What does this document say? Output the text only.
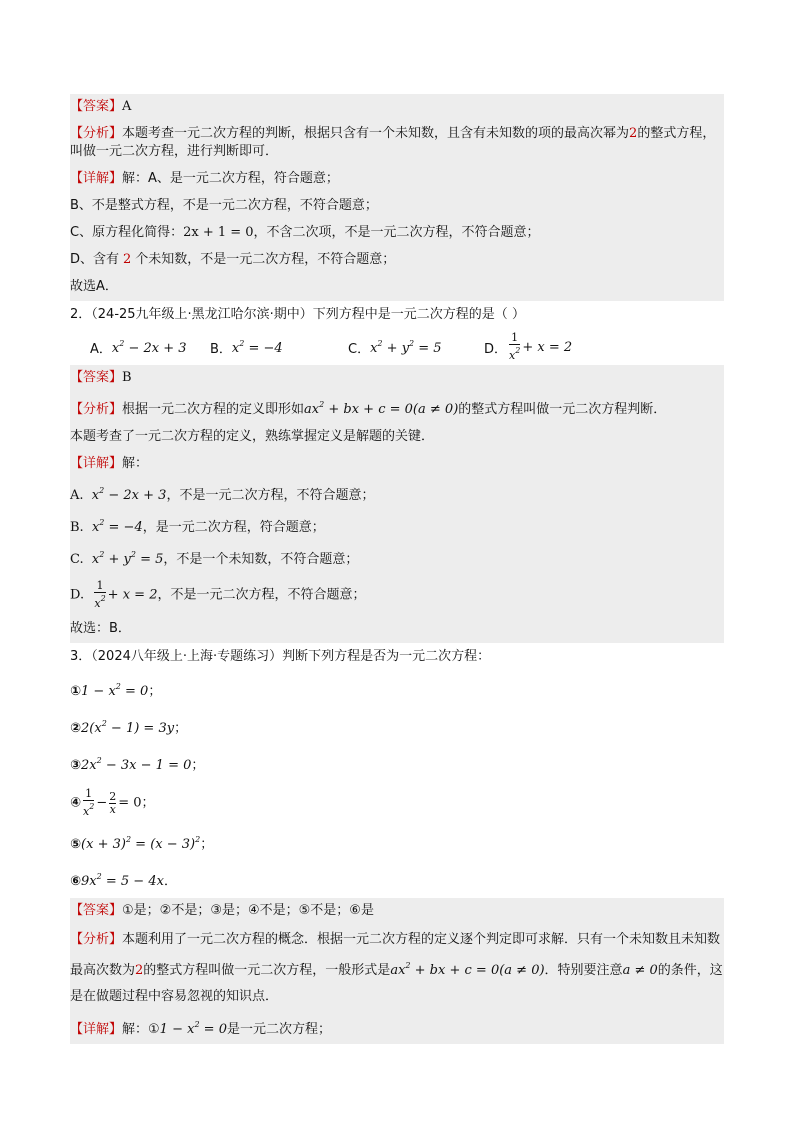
【答案】A
【分析】本题考查一元二次方程的判断，根据只含有一个未知数，且含有未知数的项的最高次幂为2的整式方程，叫做一元二次方程，进行判断即可．
【详解】解：A、是一元二次方程，符合题意；
B、不是整式方程，不是一元二次方程，不符合题意；
C、原方程化简得：2x + 1 = 0，不含二次项，不是一元二次方程，不符合题意；
D、含有 2 个未知数，不是一元二次方程，不符合题意；
故选A．
2．（24-25九年级上·黑龙江哈尔滨·期中）下列方程中是一元二次方程的是（ ）
A． $x^2 - 2x + 3$ B． $x^2 = -4$	C． $x^2 + y^2 = 5$	D． $\frac{1}{x^2} + x = 2$
【答案】B
【分析】根据一元二次方程的定义即形如$ax^2$ + bx + c = 0(a ≠ 0)的整式方程叫做一元二次方程判断．
本题考查了一元二次方程的定义，熟练掌握定义是解题的关键．
【详解】解：
A. $x^2 - 2x + 3$，不是一元二次方程，不符合题意；
B. $x^2 = -4$，是一元二次方程，符合题意；
C. $x^2 + y^2 = 5$，不是一个未知数，不符合题意；
D. $\frac{1}{x^2} + x = 2$，不是一元二次方程，不符合题意；
故选：B．
3．（2024八年级上·上海·专题练习）判断下列方程是否为一元二次方程：
①1 − $x^2 = 0$；
$②2(x^2 - 1) = 3y$；
$③2x^2 - 3x - 1 = 0$；
④ $\frac{1}{x^2} - \frac{2}{x} = 0$；
⑤(x + $3)^2 = (x - 3)^2$；
$⑥9x^2 = 5 - 4x$．
【答案】①是；②不是；③是；④不是；⑤不是；⑥是
【分析】本题利用了一元二次方程的概念．根据一元二次方程的定义逐个判定即可求解．只有一个未知数且未知数最高次数为2的整式方程叫做一元二次方程，一般形式是$ax^2$ + bx + c = 0(a ≠ 0)．特别要注意a ≠ 0的条件，这是在做题过程中容易忽视的知识点．
【详解】解：①1 − $x^2 = 0$是一元二次方程；
